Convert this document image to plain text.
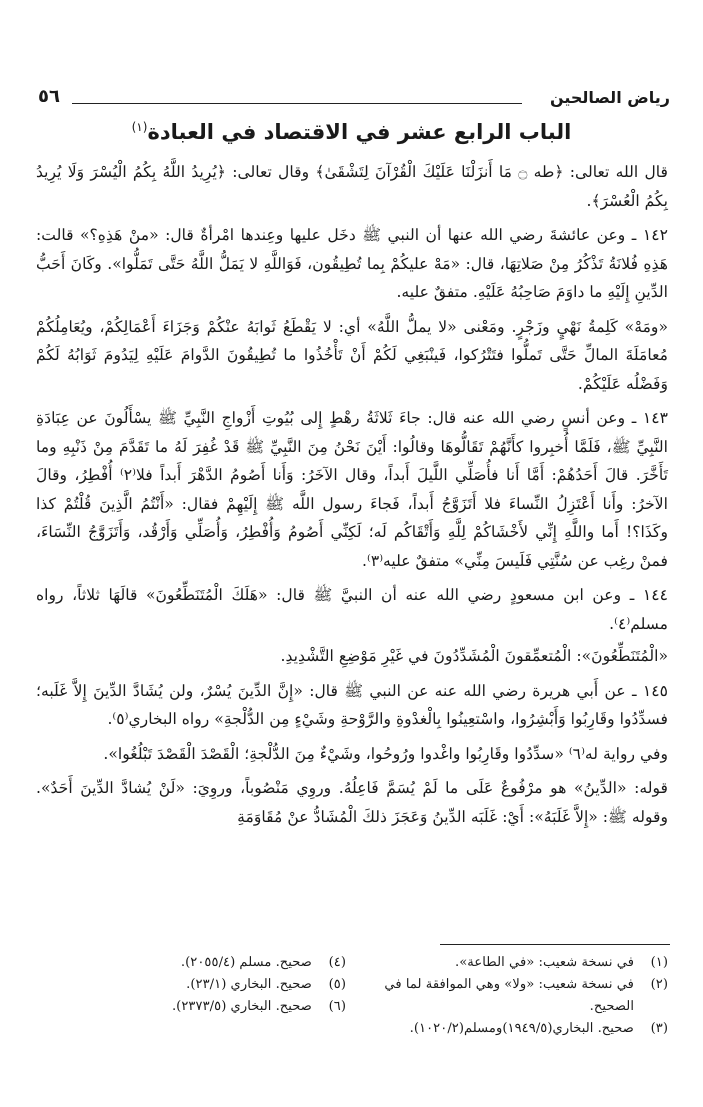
رياض الصالحين
٥٦
الباب الرابع عشر في الاقتصاد في العبادة$^{(١)}$

قال الله تعالى: ﴿طه ۝ مَا أَنزَلْنَا عَلَيْكَ الْقُرْآنَ لِتَشْقَىٰ﴾ وقال تعالى: ﴿يُرِيدُ اللَّهُ بِكُمُ الْيُسْرَ وَلَا يُرِيدُ بِكُمُ الْعُسْرَ﴾.

١٤٢ ـ وعن عائشةَ رضي الله عنها أن النبي ﷺ دخَل عليها وعِندها امْرأةٌ قال: «منْ هَذِهِ؟» قالت: هَذِهِ فُلانَةُ تَذْكُرُ مِنْ صَلاتِهَا، قال: «مَهْ عليكُمْ بِما تُطِيقُون، فَوَاللَّهِ لا يَمَلُّ اللَّهُ حَتَّى تَمَلُّوا». وكَانَ أَحَبُّ الدِّينِ إِلَيْهِ ما داوَمَ صَاحِبُهُ عَلَيْهِ. متفقٌ عليه.

«ومَهْ» كَلِمةُ نَهْيٍ وزَجْرٍ. ومَعْنى «لا يملُّ اللَّهُ» أي: لا يَقْطَعُ ثَوابَهُ عنْكُمْ وَجَزَاءَ أَعْمَالِكُمْ، ويُعَامِلُكُمْ مُعامَلَةَ المالِّ حَتَّى تَملُّوا فتَتْرُكوا، فَينْبَغِي لَكُمْ أَنْ تَأْخُذُوا ما تُطِيقُونَ الدَّوامَ عَلَيْهِ لِيَدُومَ ثَوَابُهُ لَكُمْ وَفَضْلُه عَلَيْكُمْ.

١٤٣ ـ وعن أنسٍ رضي الله عنه قال: جاءَ ثَلاثَةُ رهْطٍ إِلى بُيُوتِ أَزْواجِ النَّبِيِّ ﷺ يسْأَلُونَ عن عِبَادَةِ النَّبِيِّ ﷺ، فَلَمَّا أُخبِروا كأَنَّهُمْ تَقَالُّوهَا وقالُوا: أَيْنَ نَحْنُ مِنَ النَّبِيِّ ﷺ قَدْ غُفِرَ لَهُ ما تَقَدَّمَ مِنْ ذَنْبِهِ وما تَأَخَّرَ. قالَ أَحَدُهُمْ: أَمَّا أَنا فأُصَلِّي اللَّيلَ أَبداً، وقال الآخَرُ: وَأَنا أَصُومُ الدَّهْرَ أَبداً فلا⁽٢⁾ أُفْطِرُ، وقالَ الآخرُ: وأَنا أَعْتَزِلُ النِّساءَ فلا أَتَزَوَّجُ أَبداً، فَجاءَ رسول اللَّه ﷺ إِلَيْهِمْ فقال: «أَنْتُمُ الَّذِينَ قُلْتُمْ كذا وكَذَا؟! أَما واللَّهِ إِنِّي لأَخْشَاكُمْ لِلَّهِ وَأَتْقَاكُم لَه؛ لَكِنِّي أَصُومُ وَأُفْطِرُ، وَأُصَلِّي وَأَرْقُد، وَأَتَزَوَّجُ النِّسَاءَ، فمنْ رغِب عن سُنَّتِي فَلَيسَ مِنِّي» متفقٌ عليه⁽٣⁾.

١٤٤ ـ وعن ابن مسعودٍ رضي الله عنه أن النبيَّ ﷺ قال: «هَلَكَ الْمُتَنَطِّعُونَ» قالَهَا ثلاثاً، رواه مسلم⁽٤⁾.

«الْمُتَنَطِّعُونَ»: الْمُتعمِّقونَ الْمُشَدِّدُونَ في غَيْرِ مَوْضِعِ التَّشْدِيدِ.

١٤٥ ـ عن أَبي هريرة رضي الله عنه عن النبي ﷺ قال: «إِنَّ الدِّينَ يُسْرٌ، ولن يُشَادَّ الدِّينَ إِلاَّ غَلَبه؛ فسدِّدُوا وقَارِبُوا وَأَبْشِرُوا، واسْتعِينُوا بِالْغدْوةِ والرَّوْحةِ وشَيْءٍ مِن الدُّلْجةِ» رواه البخاري⁽٥⁾.

وفي رواية له⁽٦⁾ «سدِّدُوا وقَارِبُوا واغْدوا ورُوحُوا، وشَيْءٌ مِنَ الدُّلْجةِ؛ الْقَصْدَ الْقَصْدَ تَبْلُغُوا».

قوله: «الدِّينُ» هو مرْفُوعٌ عَلَى ما لَمْ يُسَمَّ فَاعِلُهُ. وروِي مَنْصُوباً، وروِيَ: «لَنْ يُشادَّ الدِّينَ أَحَدٌ». وقوله ﷺ: «إِلاَّ غَلَبَهُ»: أَيْ: غَلَبَه الدِّينُ وَعَجَزَ ذلكَ الْمُشَادُّ عنْ مُقَاوَمَةِ

(١)
في نسخة شعيب: «في الطاعة».
(٢)
في نسخة شعيب: «ولا» وهي الموافقة لما في الصحيح.
(٣)
صحيح. البخاري(١٩٤٩/٥)ومسلم(١٠٢٠/٢).
(٤)
صحيح. مسلم (٢٠٥٥/٤).
(٥)
صحيح. البخاري (٢٣/١).
(٦)
صحيح. البخاري (٢٣٧٣/٥).
